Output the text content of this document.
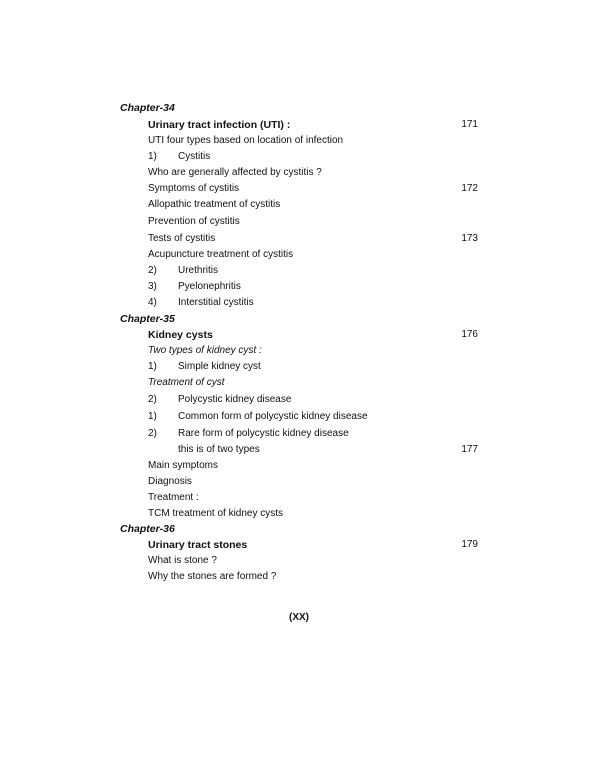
Chapter-34
Urinary tract infection (UTI) :	171
UTI four types based on location of infection
1) Cystitis
Who are generally affected by cystitis ?
Symptoms of cystitis	172
Allopathic treatment of cystitis
Prevention of cystitis
Tests of cystitis	173
Acupuncture treatment of cystitis
2) Urethritis
3) Pyelonephritis
4) Interstitial cystitis
Chapter-35
Kidney cysts	176
Two types of kidney cyst :
1) Simple kidney cyst
Treatment of cyst
2) Polycystic kidney disease
1) Common form of polycystic kidney disease
2) Rare form of polycystic kidney disease
this is of two types	177
Main symptoms
Diagnosis
Treatment :
TCM treatment of kidney cysts
Chapter-36
Urinary tract stones	179
What is stone ?
Why the stones are formed ?
(XX)
